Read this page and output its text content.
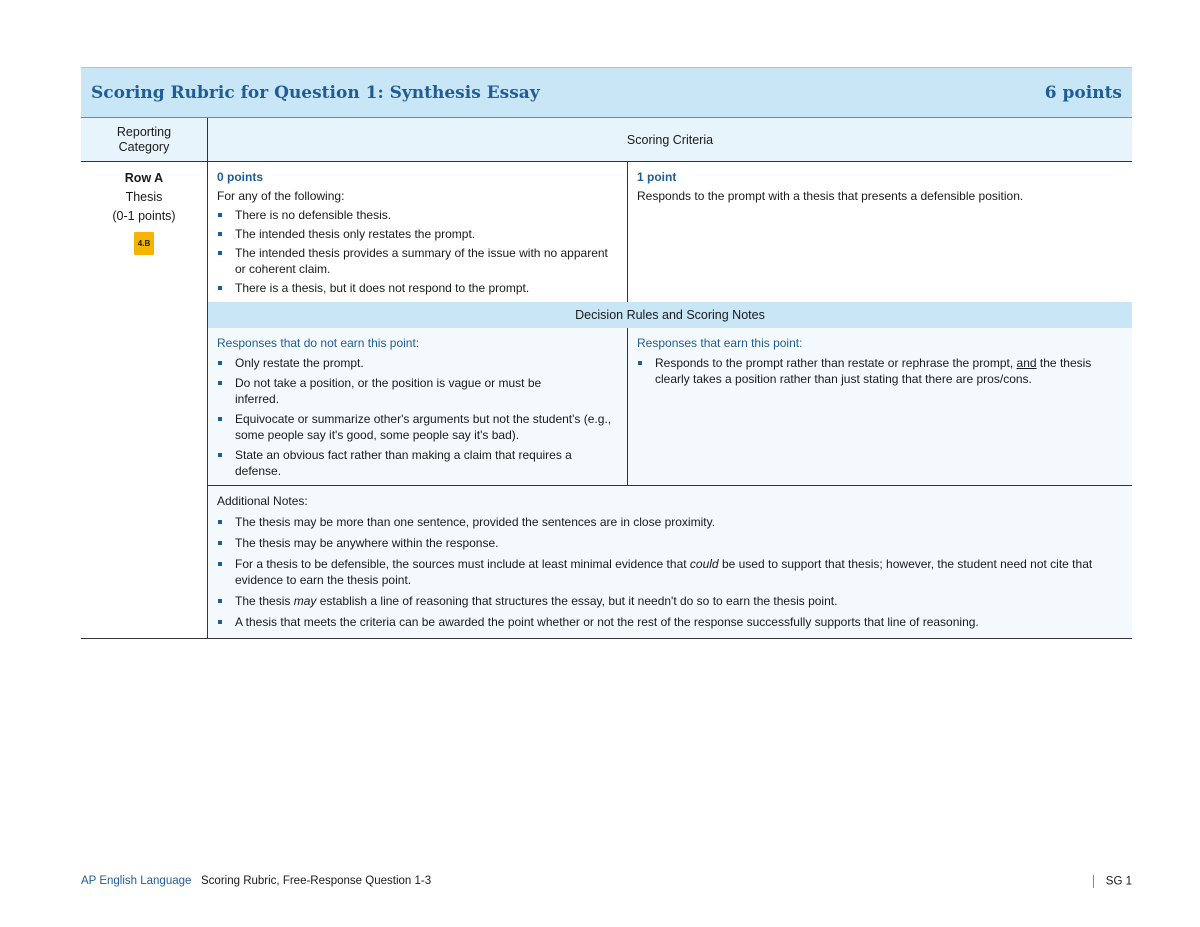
Scoring Rubric for Question 1: Synthesis Essay	6 points
Reporting Category
Row A
Thesis
(0-1 points)
4.B
Scoring Criteria
0 points
For any of the following:
There is no defensible thesis.
The intended thesis only restates the prompt.
The intended thesis provides a summary of the issue with no apparent or coherent claim.
There is a thesis, but it does not respond to the prompt.
1 point
Responds to the prompt with a thesis that presents a defensible position.
Decision Rules and Scoring Notes
Responses that do not earn this point:
Only restate the prompt.
Do not take a position, or the position is vague or must be inferred.
Equivocate or summarize other's arguments but not the student's (e.g., some people say it's good, some people say it's bad).
State an obvious fact rather than making a claim that requires a defense.
Responses that earn this point:
Responds to the prompt rather than restate or rephrase the prompt, and the thesis clearly takes a position rather than just stating that there are pros/cons.
Additional Notes:
The thesis may be more than one sentence, provided the sentences are in close proximity.
The thesis may be anywhere within the response.
For a thesis to be defensible, the sources must include at least minimal evidence that could be used to support that thesis; however, the student need not cite that evidence to earn the thesis point.
The thesis may establish a line of reasoning that structures the essay, but it needn't do so to earn the thesis point.
A thesis that meets the criteria can be awarded the point whether or not the rest of the response successfully supports that line of reasoning.
AP English Language Scoring Rubric, Free-Response Question 1-3	SG 1
